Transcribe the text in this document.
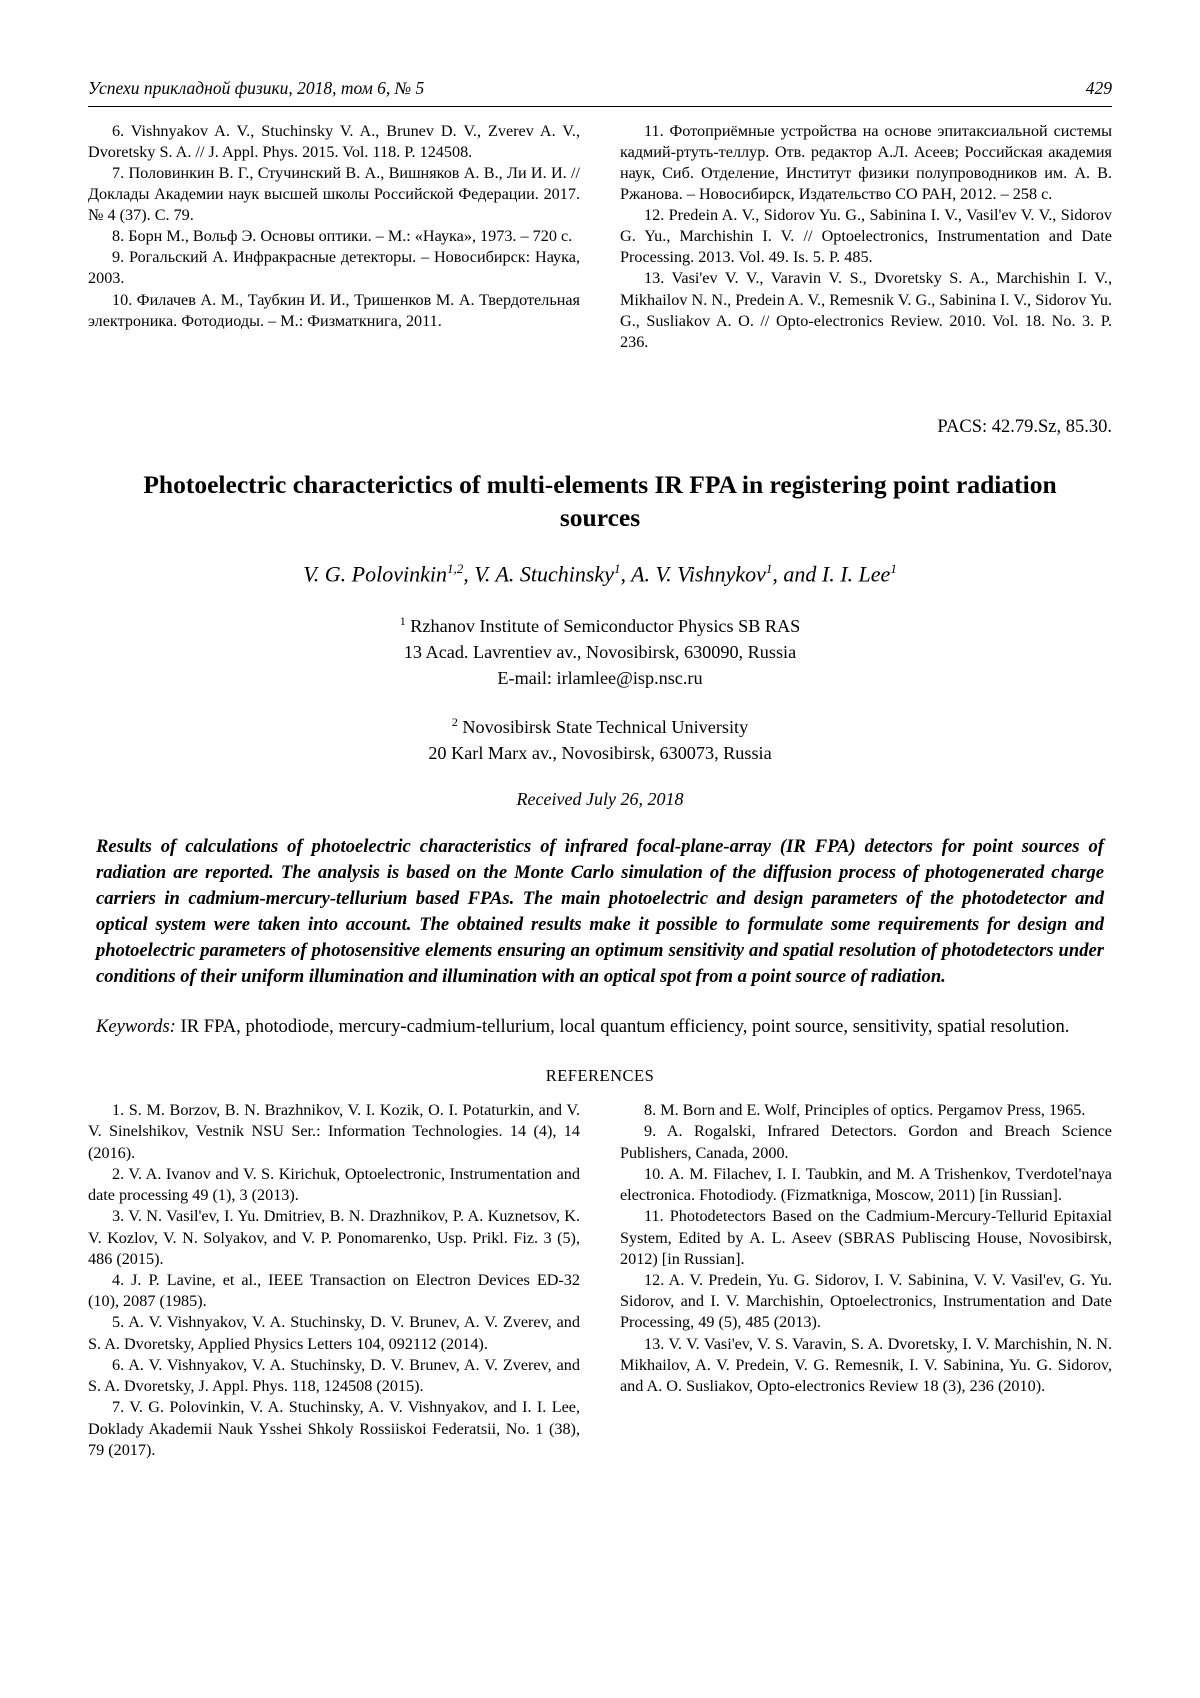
Успехи прикладной физики, 2018, том 6, № 5	429

6. Vishnyakov A. V., Stuchinsky V. A., Brunev D. V., Zverev A. V., Dvoretsky S. A. // J. Appl. Phys. 2015. Vol. 118. P. 124508.

7. Половинкин В. Г., Стучинский В. А., Вишняков А. В., Ли И. И. // Доклады Академии наук высшей школы Российской Федерации. 2017. № 4 (37). С. 79.

8. Борн М., Вольф Э. Основы оптики. – М.: «Наука», 1973. – 720 с.

9. Рогальский А. Инфракрасные детекторы. – Новосибирск: Наука, 2003.

10. Филачев А. М., Таубкин И. И., Тришенков М. А. Твердотельная электроника. Фотодиоды. – М.: Физматкнига, 2011.

11. Фотоприёмные устройства на основе эпитаксиальной системы кадмий-ртуть-теллур. Отв. редактор А.Л. Асеев; Российская академия наук, Сиб. Отделение, Институт физики полупроводников им. А. В. Ржанова. – Новосибирск, Издательство СО РАН, 2012. – 258 с.

12. Predein A. V., Sidorov Yu. G., Sabinina I. V., Vasil'ev V. V., Sidorov G. Yu., Marchishin I. V. // Optoelectronics, Instrumentation and Date Processing. 2013. Vol. 49. Is. 5. P. 485.

13. Vasi'ev V. V., Varavin V. S., Dvoretsky S. A., Marchishin I. V., Mikhailov N. N., Predein A. V., Remesnik V. G., Sabinina I. V., Sidorov Yu. G., Susliakov A. O. // Opto-electronics Review. 2010. Vol. 18. No. 3. P. 236.

PACS: 42.79.Sz, 85.30.
Photoelectric characterictics of multi-elements IR FPA in registering point radiation sources
V. G. Polovinkin$^{1,2}$, V. A. Stuchinsky$^1$, A. V. Vishnykov$^1$, and I. I. Lee$^1$
$^1$ Rzhanov Institute of Semiconductor Physics SB RAS
13 Acad. Lavrentiev av., Novosibirsk, 630090, Russia
E-mail: irlamlee@isp.nsc.ru
$^2$ Novosibirsk State Technical University
20 Karl Marx av., Novosibirsk, 630073, Russia
Received July 26, 2018
Results of calculations of photoelectric characteristics of infrared focal-plane-array (IR FPA) detectors for point sources of radiation are reported. The analysis is based on the Monte Carlo simulation of the diffusion process of photogenerated charge carriers in cadmium-mercury-tellurium based FPAs. The main photoelectric and design parameters of the photodetector and optical system were taken into account. The obtained results make it possible to formulate some requirements for design and photoelectric parameters of photosensitive elements ensuring an optimum sensitivity and spatial resolution of photodetectors under conditions of their uniform illumination and illumination with an optical spot from a point source of radiation.
Keywords: IR FPA, photodiode, mercury-cadmium-tellurium, local quantum efficiency, point source, sensitivity, spatial resolution.
REFERENCES

1. S. M. Borzov, B. N. Brazhnikov, V. I. Kozik, O. I. Potaturkin, and V. V. Sinelshikov, Vestnik NSU Ser.: Information Technologies. 14 (4), 14 (2016).

2. V. A. Ivanov and V. S. Kirichuk, Optoelectronic, Instrumentation and date processing 49 (1), 3 (2013).

3. V. N. Vasil'ev, I. Yu. Dmitriev, B. N. Drazhnikov, P. A. Kuznetsov, K. V. Kozlov, V. N. Solyakov, and V. P. Ponomarenko, Usp. Prikl. Fiz. 3 (5), 486 (2015).

4. J. P. Lavine, et al., IEEE Transaction on Electron Devices ED-32 (10), 2087 (1985).

5. A. V. Vishnyakov, V. A. Stuchinsky, D. V. Brunev, A. V. Zverev, and S. A. Dvoretsky, Applied Physics Letters 104, 092112 (2014).

6. A. V. Vishnyakov, V. A. Stuchinsky, D. V. Brunev, A. V. Zverev, and S. A. Dvoretsky, J. Appl. Phys. 118, 124508 (2015).

7. V. G. Polovinkin, V. A. Stuchinsky, A. V. Vishnyakov, and I. I. Lee, Doklady Akademii Nauk Ysshei Shkoly Rossiiskoi Federatsii, No. 1 (38), 79 (2017).

8. M. Born and E. Wolf, Principles of optics. Pergamov Press, 1965.

9. A. Rogalski, Infrared Detectors. Gordon and Breach Science Publishers, Canada, 2000.

10. A. M. Filachev, I. I. Taubkin, and M. A Trishenkov, Tverdotel'naya electronica. Fhotodiody. (Fizmatkniga, Moscow, 2011) [in Russian].

11. Photodetectors Based on the Cadmium-Mercury-Tellurid Epitaxial System, Edited by A. L. Aseev (SBRAS Publiscing House, Novosibirsk, 2012) [in Russian].

12. A. V. Predein, Yu. G. Sidorov, I. V. Sabinina, V. V. Vasil'ev, G. Yu. Sidorov, and I. V. Marchishin, Optoelectronics, Instrumentation and Date Processing, 49 (5), 485 (2013).

13. V. V. Vasi'ev, V. S. Varavin, S. A. Dvoretsky, I. V. Marchishin, N. N. Mikhailov, A. V. Predein, V. G. Remesnik, I. V. Sabinina, Yu. G. Sidorov, and A. O. Susliakov, Opto-electronics Review 18 (3), 236 (2010).
